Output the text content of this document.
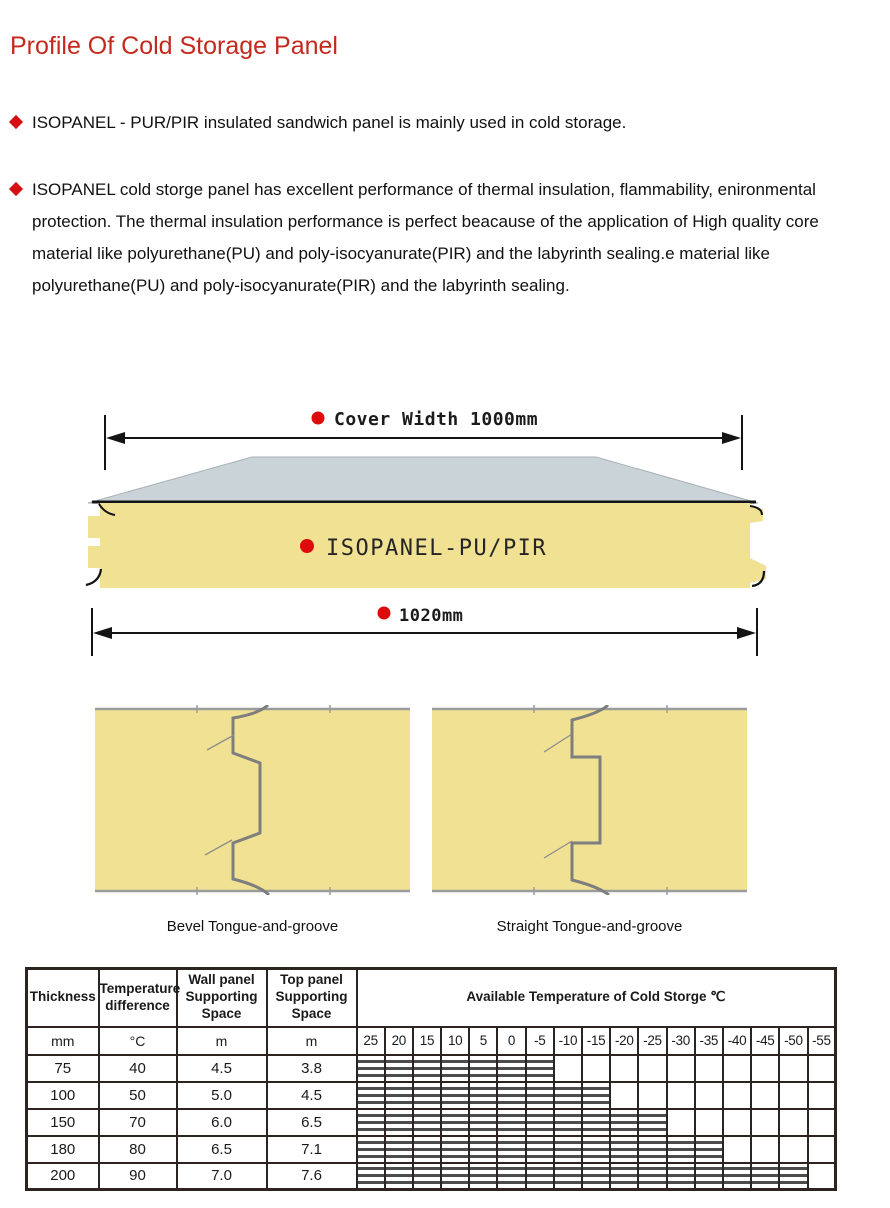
Profile Of Cold Storage Panel

ISOPANEL - PUR/PIR insulated sandwich panel is mainly used in cold storage.

ISOPANEL cold storge panel has excellent performance of thermal insulation, flammability, enironmental protection. The thermal insulation performance is perfect beacause of the application of High quality core material like polyurethane(PU) and poly-isocyanurate(PIR) and the labyrinth sealing.e material like polyurethane(PU) and poly-isocyanurate(PIR) and the labyrinth sealing.

Cover Width 1000mm
ISOPANEL-PU/PIR
1020mm
Bevel Tongue-and-groove	Straight Tongue-and-groove
Thickness	Temperature difference	Wall panel Supporting Space	Top panel Supporting Space	Available Temperature of Cold Storge ℃																
mm	°C	m	m	25	20	15	10	5	0	-5	-10	-15	-20	-25	-30	-35	-40	-45	-50	-55
75	40	4.5	3.8	

100	50	5.0	4.5	

150	70	6.0	6.5	

180	80	6.5	7.1	

200	90	7.0	7.6	
